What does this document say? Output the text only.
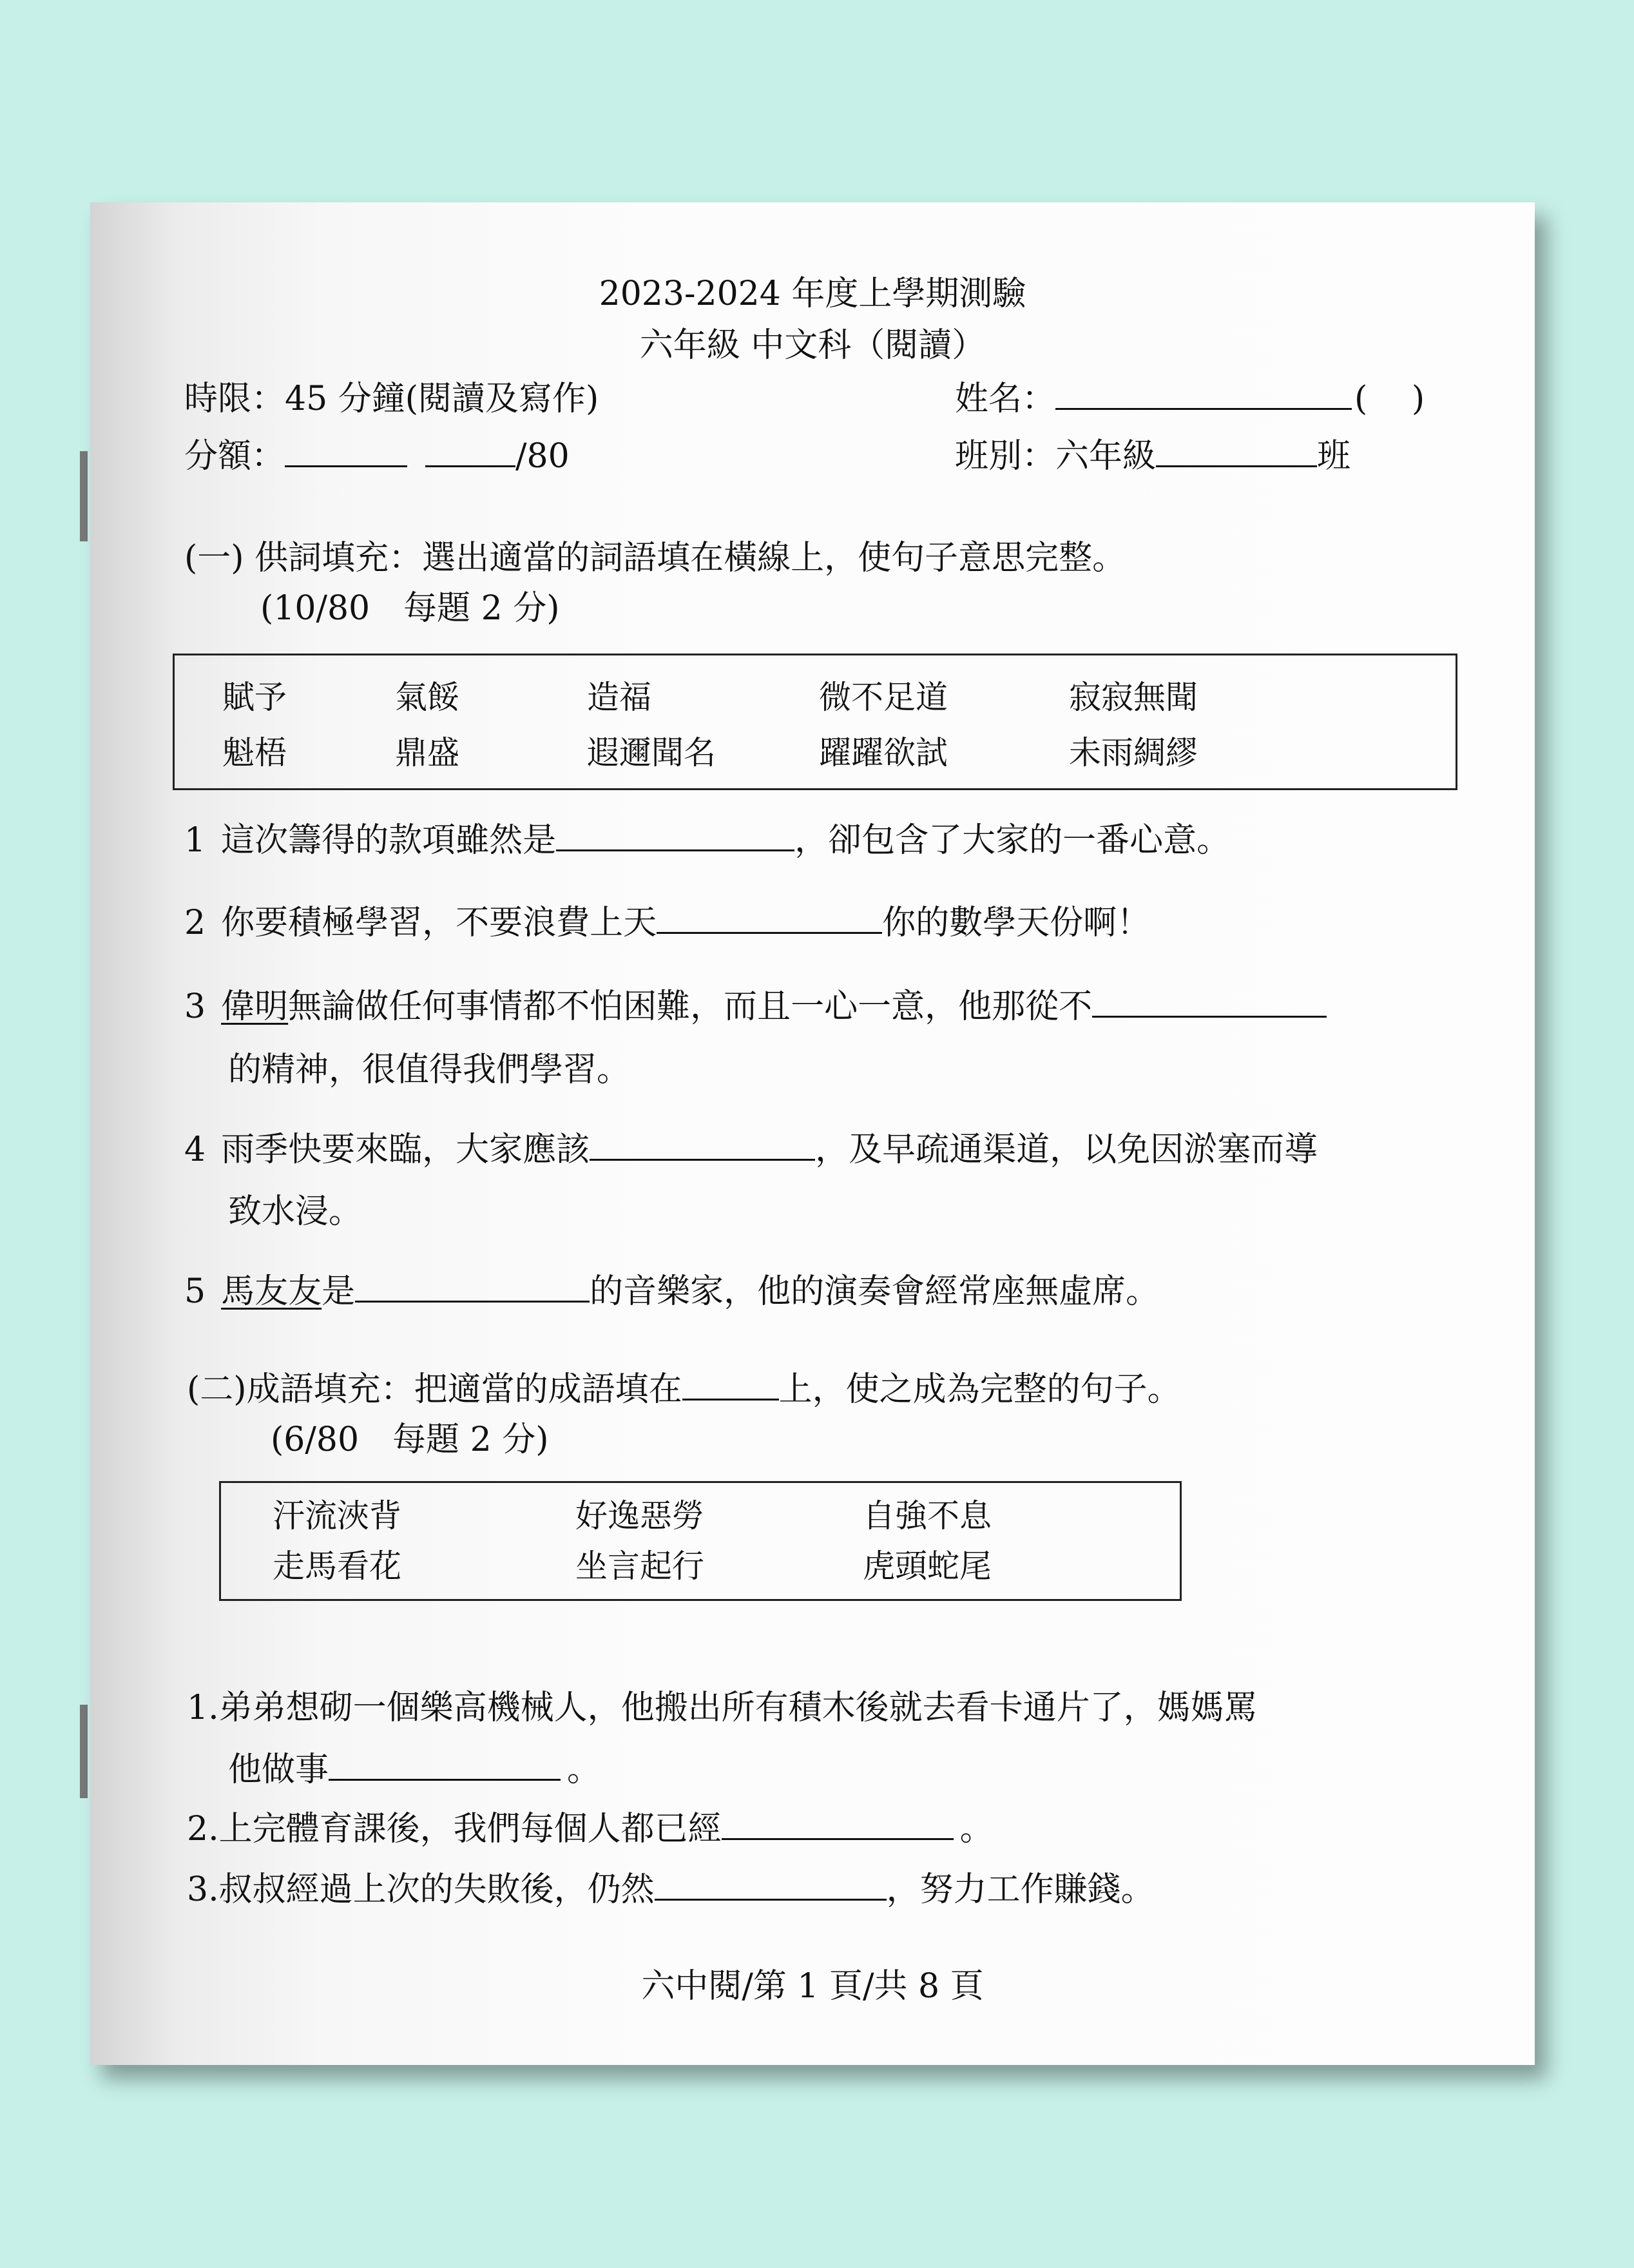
2023-2024 年度上學期測驗
六年級 中文科（閱讀）
時限：45 分鐘(閱讀及寫作)	姓名：	(　 )
分額：	/80	班別：六年級	班
(一) 供詞填充：選出適當的詞語填在橫線上，使句子意思完整。
(10/80　每題 2 分)
賦予	氣餒	造福	微不足道	寂寂無聞
魁梧	鼎盛	遐邇聞名	躍躍欲試	未雨綢繆
1 這次籌得的款項雖然是	，卻包含了大家的一番心意。
2 你要積極學習，不要浪費上天	你的數學天份啊！
3 偉明無論做任何事情都不怕困難，而且一心一意，他那從不
的精神，很值得我們學習。
4 雨季快要來臨，大家應該	，及早疏通渠道，以免因淤塞而導
致水浸。
5 馬友友是	的音樂家，他的演奏會經常座無虛席。
(二)成語填充：把適當的成語填在	上，使之成為完整的句子。
(6/80　每題 2 分)
汗流浹背	好逸惡勞	自強不息
走馬看花	坐言起行	虎頭蛇尾
1.弟弟想砌一個樂高機械人，他搬出所有積木後就去看卡通片了，媽媽罵
他做事	。
2.上完體育課後，我們每個人都已經	。
3.叔叔經過上次的失敗後，仍然	，努力工作賺錢。
六中閱/第 1 頁/共 8 頁
